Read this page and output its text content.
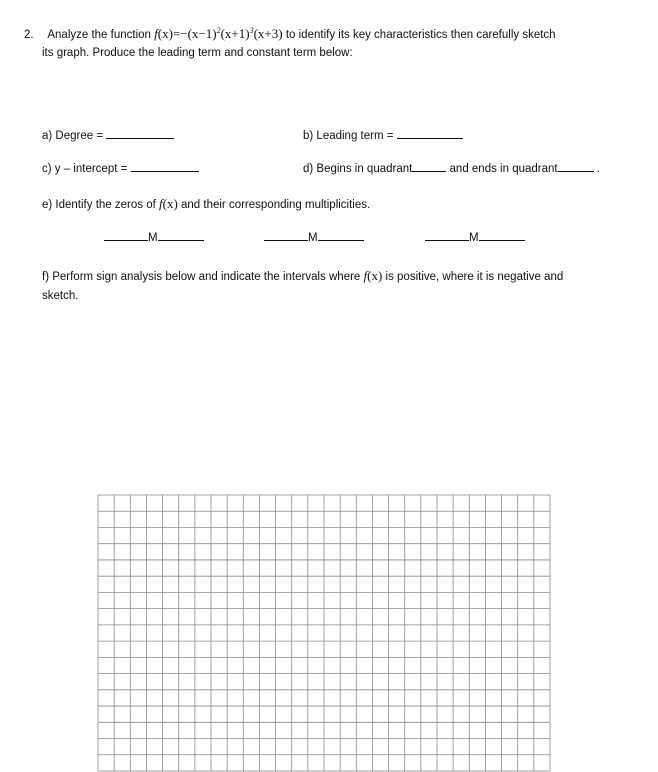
2. Analyze the function $f(x)=-(x-1)^2(x+1)^3(x+3)$ to identify its key characteristics then carefully sketch
its graph. Produce the leading term and constant term below:
a) Degree =	b) Leading term =
c) y – intercept =	d) Begins in quadrant	and ends in quadrant	.
e) Identify the zeros of f(x) and their corresponding multiplicities.
M	M	M
f) Perform sign analysis below and indicate the intervals where f(x) is positive, where it is negative and
sketch.
